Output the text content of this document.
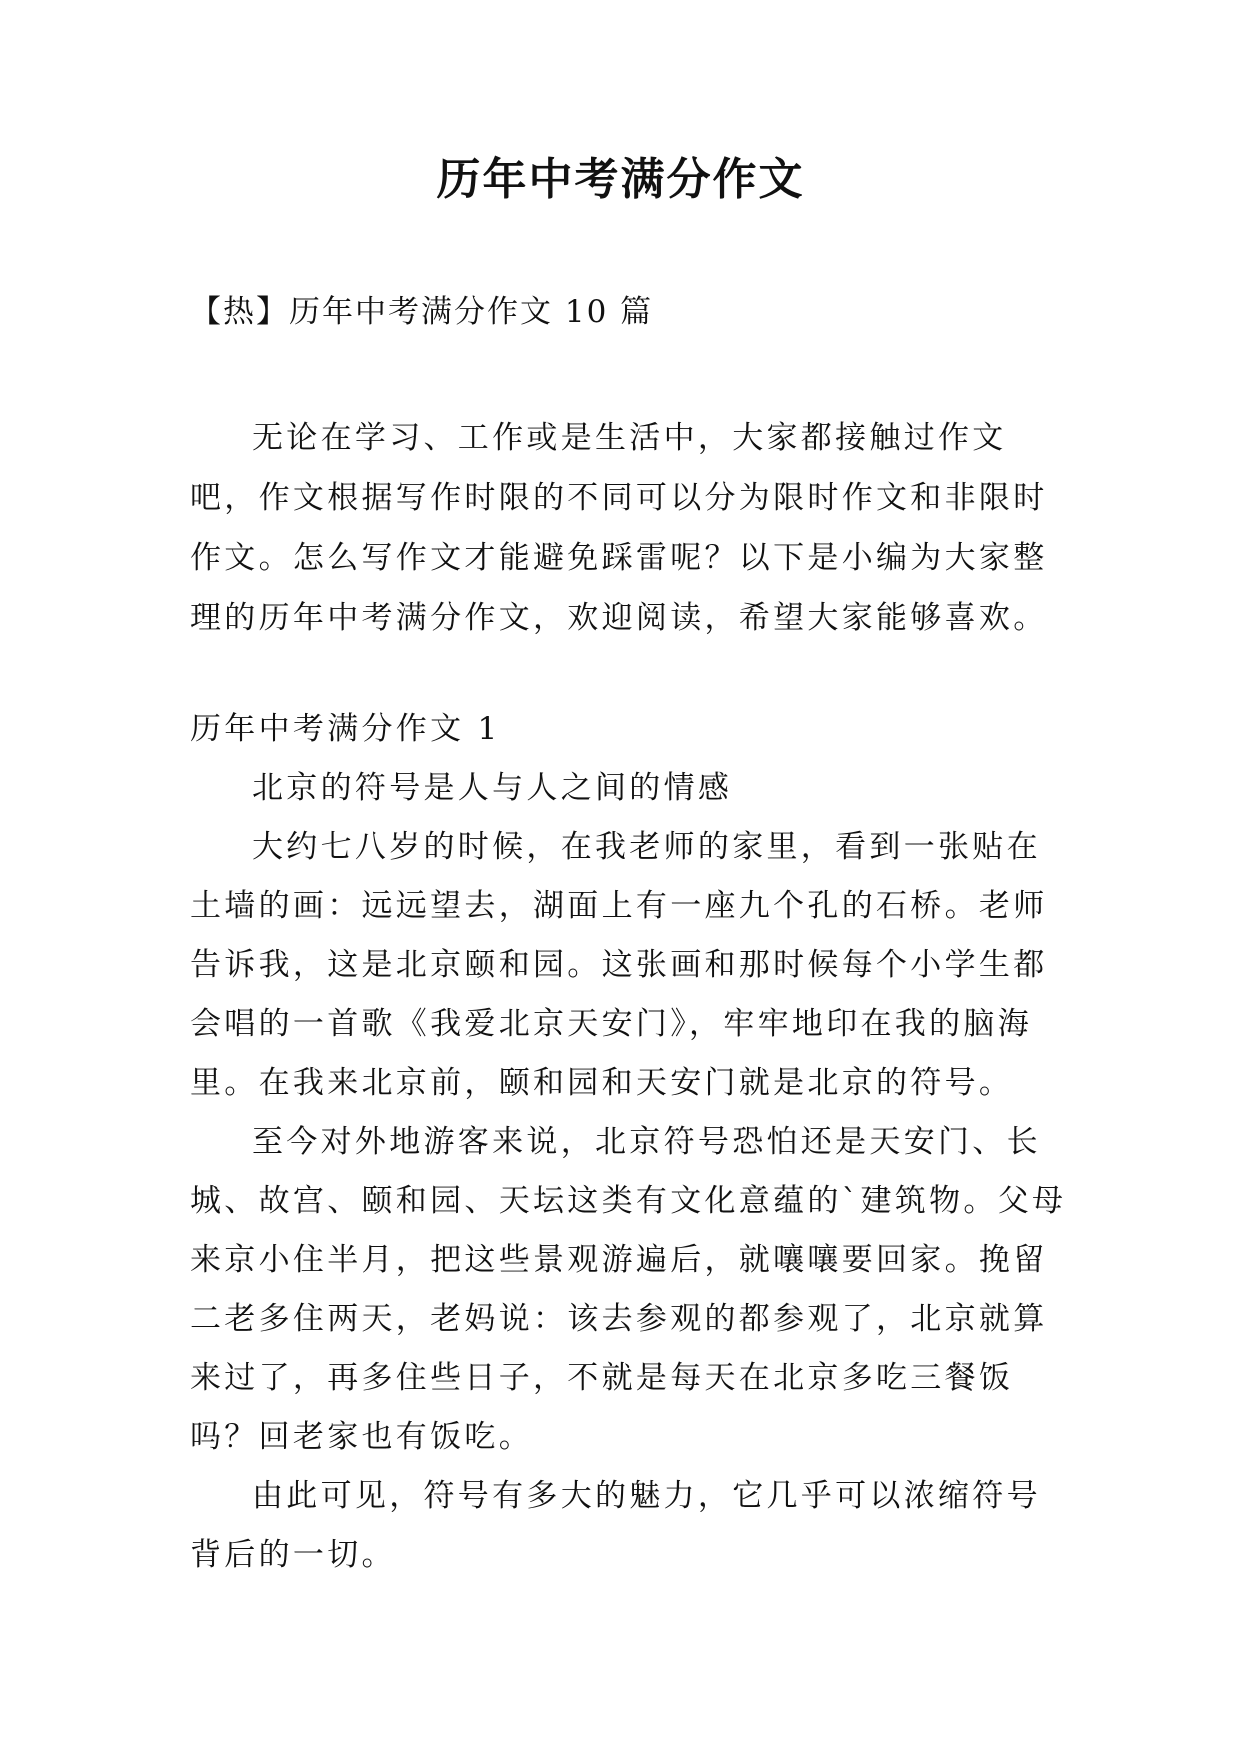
历年中考满分作文
【热】历年中考满分作文 10 篇

无论在学习、工作或是生活中，大家都接触过作文吧，作文根据写作时限的不同可以分为限时作文和非限时作文。怎么写作文才能避免踩雷呢？以下是小编为大家整理的历年中考满分作文，欢迎阅读，希望大家能够喜欢。

历年中考满分作文 1

北京的符号是人与人之间的情感

大约七八岁的时候，在我老师的家里，看到一张贴在土墙的画：远远望去，湖面上有一座九个孔的石桥。老师告诉我，这是北京颐和园。这张画和那时候每个小学生都会唱的一首歌《我爱北京天安门》，牢牢地印在我的脑海里。在我来北京前，颐和园和天安门就是北京的符号。

至今对外地游客来说，北京符号恐怕还是天安门、长城、故宫、颐和园、天坛这类有文化意蕴的`建筑物。父母来京小住半月，把这些景观游遍后，就嚷嚷要回家。挽留二老多住两天，老妈说：该去参观的都参观了，北京就算来过了，再多住些日子，不就是每天在北京多吃三餐饭吗？回老家也有饭吃。

由此可见，符号有多大的魅力，它几乎可以浓缩符号背后的一切。
